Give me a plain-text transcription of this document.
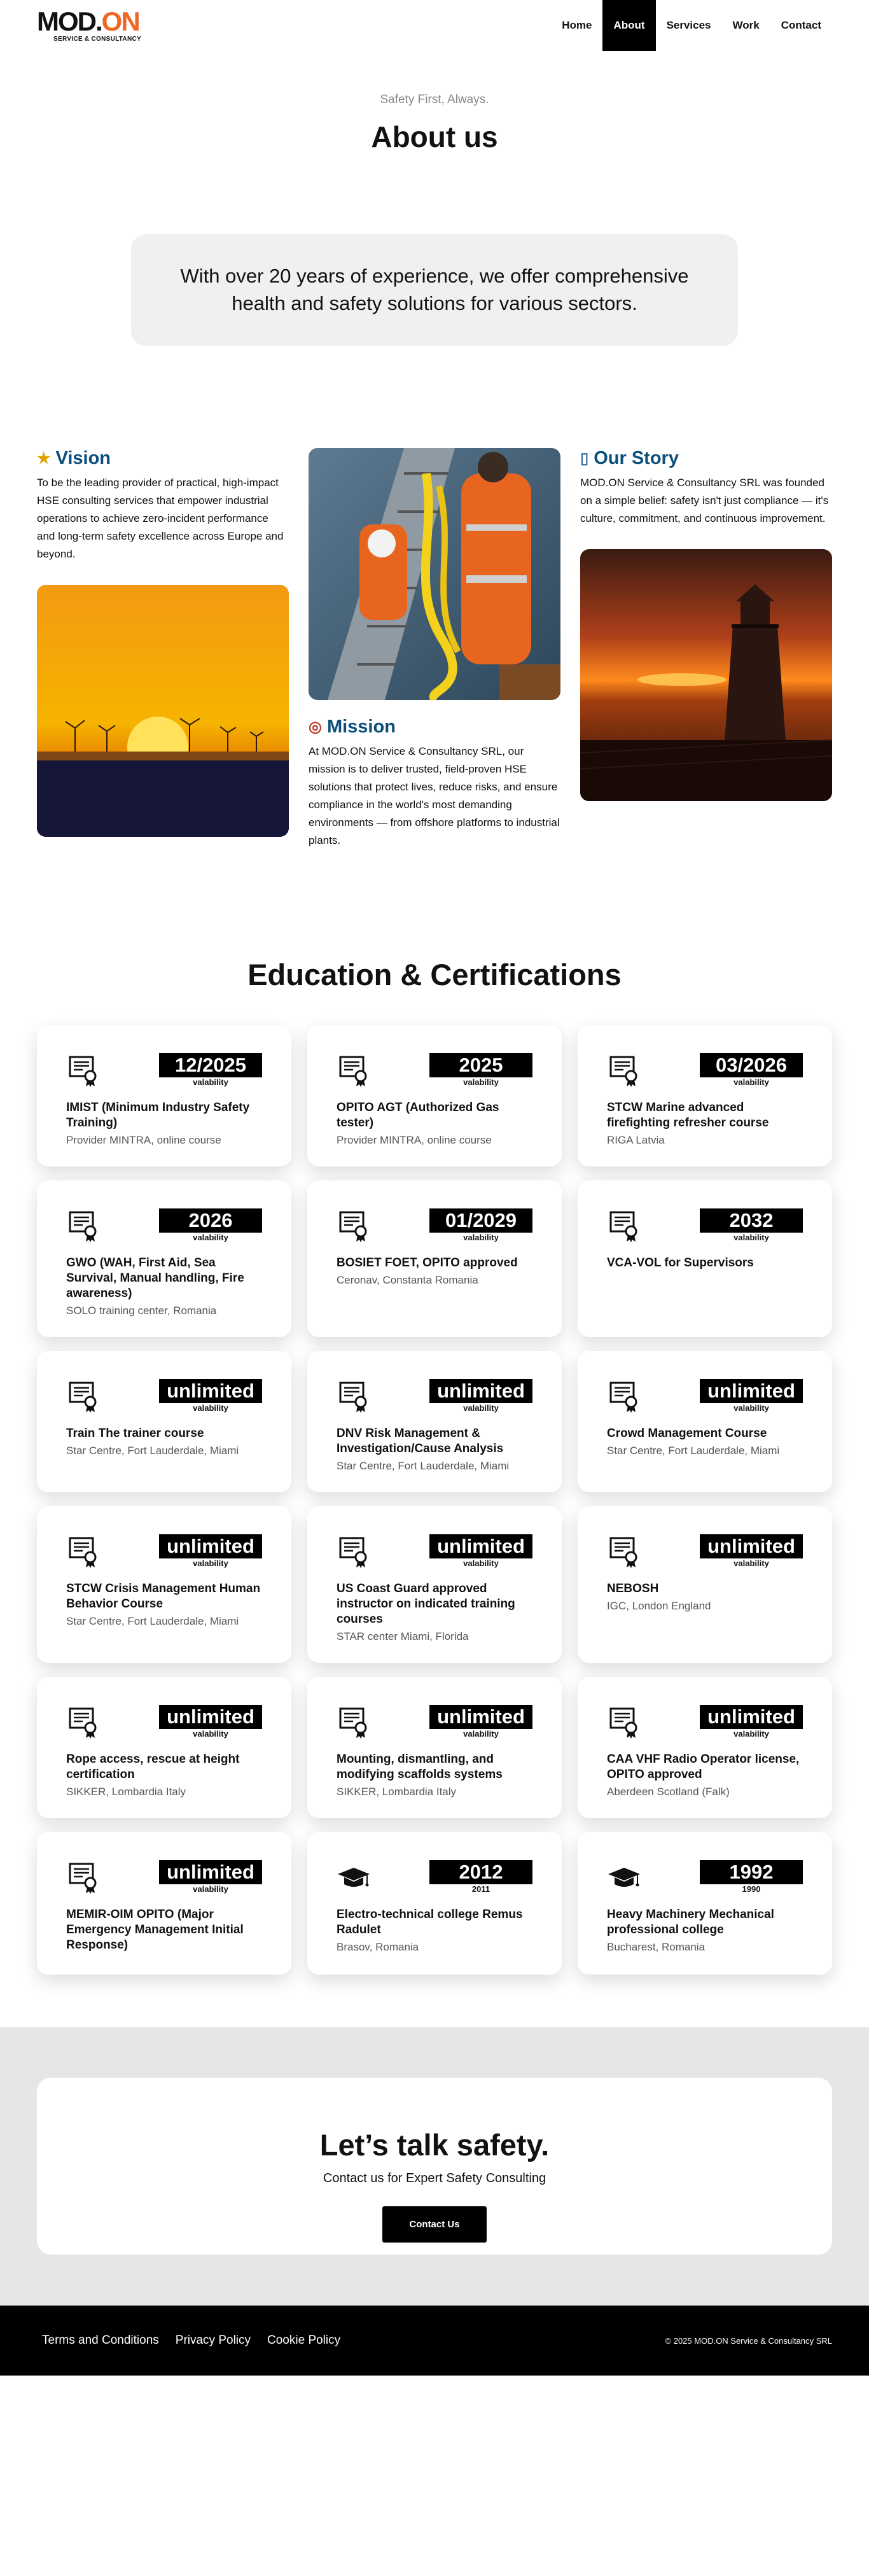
MOD.ON
SERVICE & CONSULTANCY
Home	About	Services	Work	Contact
Safety First, Always.
About us

With over 20 years of experience, we offer comprehensive health and safety solutions for various sectors.

★ Vision

To be the leading provider of practical, high-impact HSE consulting services that empower industrial operations to achieve zero-incident performance and long-term safety excellence across Europe and beyond.

◎ Mission

At MOD.ON Service & Consultancy SRL, our mission is to deliver trusted, field-proven HSE solutions that protect lives, reduce risks, and ensure compliance in the world's most demanding environments — from offshore platforms to industrial plants.

▯ Our Story

MOD.ON Service & Consultancy SRL was founded on a simple belief: safety isn't just compliance — it's culture, commitment, and continuous improvement.

Education & Certifications
12/2025
valability
IMIST (Minimum Industry Safety Training)
Provider MINTRA, online course
2025
valability
OPITO AGT (Authorized Gas tester)
Provider MINTRA, online course
03/2026
valability
STCW Marine advanced firefighting refresher course
RIGA Latvia
2026
valability
GWO (WAH, First Aid, Sea Survival, Manual handling, Fire awareness)
SOLO training center, Romania
01/2029
valability
BOSIET FOET, OPITO approved
Ceronav, Constanta Romania
2032
valability
VCA-VOL for Supervisors
unlimited
valability
Train The trainer course
Star Centre, Fort Lauderdale, Miami
unlimited
valability
DNV Risk Management & Investigation/Cause Analysis
Star Centre, Fort Lauderdale, Miami
unlimited
valability
Crowd Management Course
Star Centre, Fort Lauderdale, Miami
unlimited
valability
STCW Crisis Management Human Behavior Course
Star Centre, Fort Lauderdale, Miami
unlimited
valability
US Coast Guard approved instructor on indicated training courses
STAR center Miami, Florida
unlimited
valability
NEBOSH
IGC, London England
unlimited
valability
Rope access, rescue at height certification
SIKKER, Lombardia Italy
unlimited
valability
Mounting, dismantling, and modifying scaffolds systems
SIKKER, Lombardia Italy
unlimited
valability
CAA VHF Radio Operator license, OPITO approved
Aberdeen Scotland (Falk)
unlimited
valability
MEMIR-OIM OPITO (Major Emergency Management Initial Response)
2012
2011
Electro-technical college Remus Radulet
Brasov, Romania
1992
1990
Heavy Machinery Mechanical professional college
Bucharest, Romania
Let’s talk safety.

Contact us for Expert Safety Consulting

Contact Us
Terms and Conditions Privacy Policy Cookie Policy	© 2025 MOD.ON Service & Consultancy SRL
